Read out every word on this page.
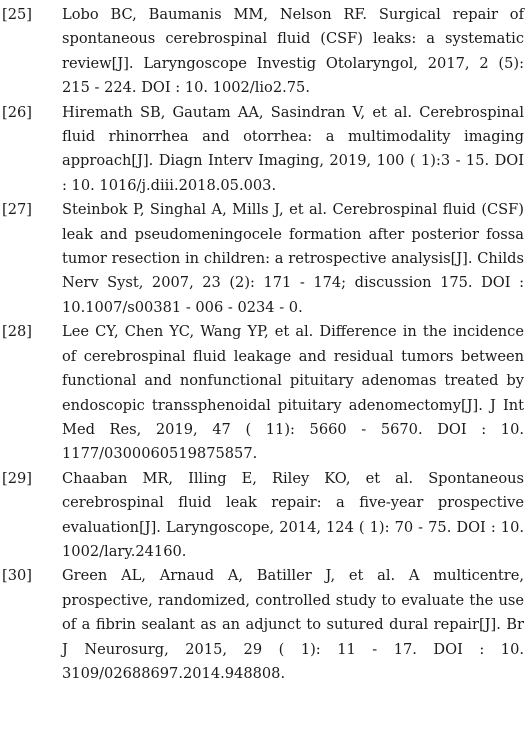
[25]	Lobo BC, Baumanis MM, Nelson RF. Surgical repair of spontaneous cerebrospinal fluid (CSF) leaks: a systematic review[J]. Laryngoscope Investig Otolaryngol, 2017, 2 (5): 215 - 224. DOI : 10. 1002/lio2.75.
[26]	Hiremath SB, Gautam AA, Sasindran V, et al. Cerebrospinal fluid rhinorrhea and otorrhea: a multimodality imaging approach[J]. Diagn Interv Imaging, 2019, 100 ( 1):3 - 15. DOI : 10. 1016/j.diii.2018.05.003.
[27]	Steinbok P, Singhal A, Mills J, et al. Cerebrospinal fluid (CSF) leak and pseudomeningocele formation after posterior fossa tumor resection in children: a retrospective analysis[J]. Childs Nerv Syst, 2007, 23 (2): 171 - 174; discussion 175. DOI : 10.1007/s00381 - 006 - 0234 - 0.
[28]	Lee CY, Chen YC, Wang YP, et al. Difference in the incidence of cerebrospinal fluid leakage and residual tumors between functional and nonfunctional pituitary adenomas treated by endoscopic transsphenoidal pituitary adenomectomy[J]. J Int Med Res, 2019, 47 ( 11): 5660 - 5670. DOI : 10. 1177/0300060519875857.
[29]	Chaaban MR, Illing E, Riley KO, et al. Spontaneous cerebrospinal fluid leak repair: a five-year prospective evaluation[J]. Laryngoscope, 2014, 124 ( 1): 70 - 75. DOI : 10. 1002/lary.24160.
[30]	Green AL, Arnaud A, Batiller J, et al. A multicentre, prospective, randomized, controlled study to evaluate the use of a fibrin sealant as an adjunct to sutured dural repair[J]. Br J Neurosurg, 2015, 29 ( 1): 11 - 17. DOI : 10. 3109/02688697.2014.948808.
